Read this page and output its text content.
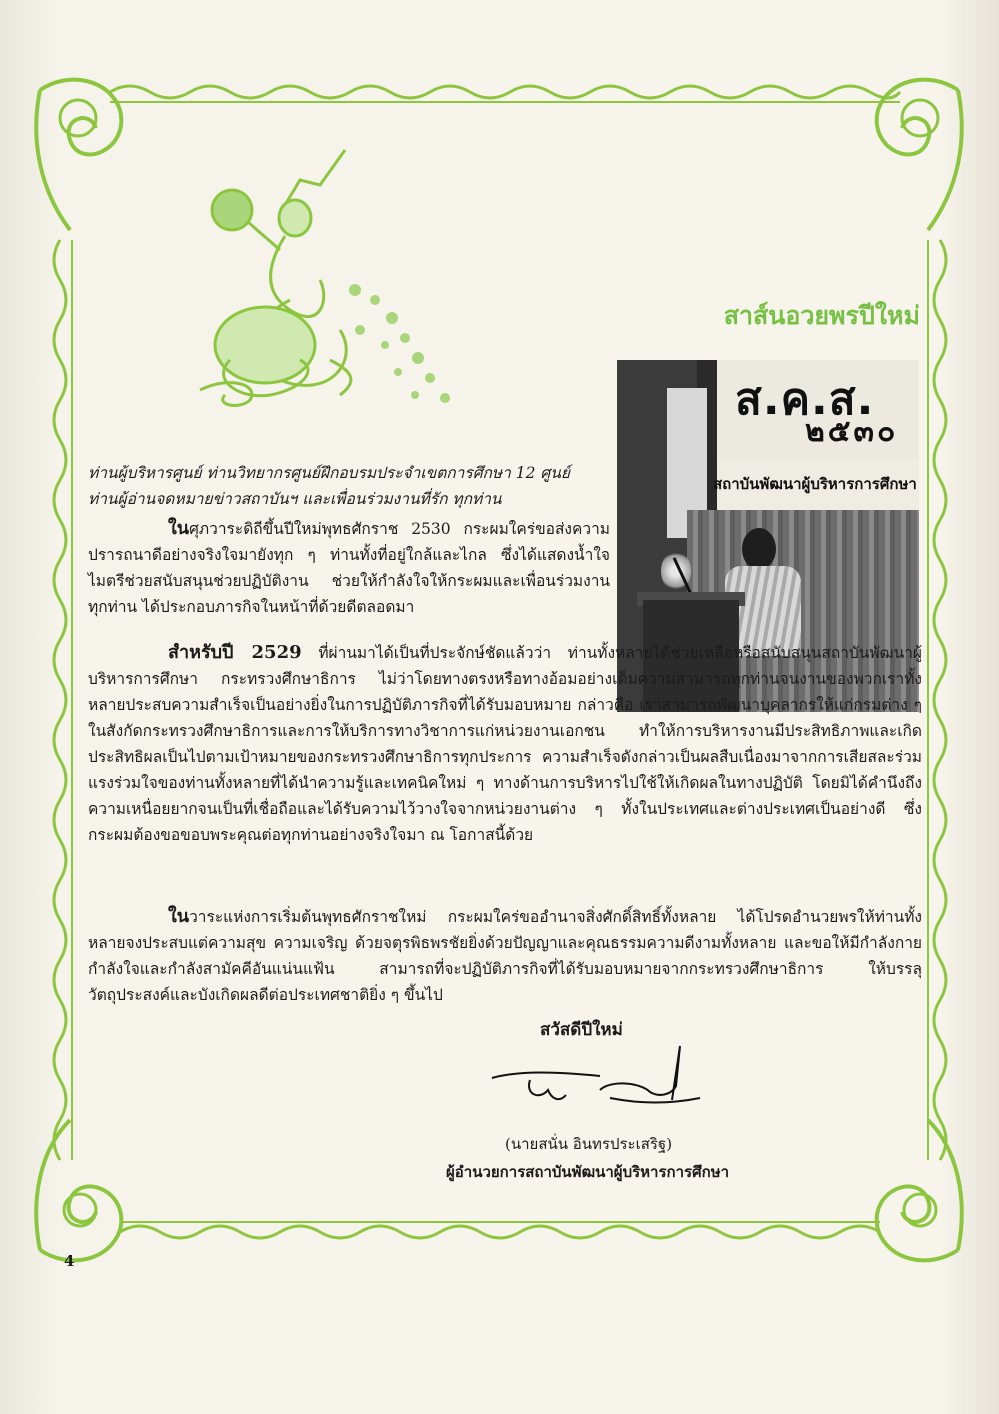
สาส์นอวยพรปีใหม่
ส.ค.ส.
๒๕๓๐
สถาบันพัฒนาผู้บริหารการศึกษา
ท่านผู้บริหารศูนย์ ท่านวิทยากรศูนย์ฝึกอบรมประจำเขตการศึกษา 12 ศูนย์
ท่านผู้อ่านจดหมายข่าวสถาบันฯ และเพื่อนร่วมงานที่รัก ทุกท่าน

ในศุภวาระดิถีขึ้นปีใหม่พุทธศักราช 2530 กระผมใคร่ขอส่งความปรารถนาดีอย่างจริงใจมายังทุก ๆ ท่านทั้งที่อยู่ใกล้และไกล ซึ่งได้แสดงน้ำใจไมตรีช่วยสนับสนุนช่วยปฏิบัติงาน ช่วยให้กำลังใจให้กระผมและเพื่อนร่วมงานทุกท่าน ได้ประกอบภารกิจในหน้าที่ด้วยดีตลอดมา

สำหรับปี 2529 ที่ผ่านมาได้เป็นที่ประจักษ์ชัดแล้วว่า ท่านทั้งหลายได้ช่วยเหลือหรือสนับสนุนสถาบันพัฒนาผู้บริหารการศึกษา กระทรวงศึกษาธิการ ไม่ว่าโดยทางตรงหรือทางอ้อมอย่างเต็มความสามารถทุกท่านจนงานของพวกเราทั้งหลายประสบความสำเร็จเป็นอย่างยิ่งในการปฏิบัติภารกิจที่ได้รับมอบหมาย กล่าวคือ เราสามารถพัฒนาบุคลากรให้แก่กรมต่าง ๆ ในสังกัดกระทรวงศึกษาธิการและการให้บริการทางวิชาการแก่หน่วยงานเอกชน ทำให้การบริหารงานมีประสิทธิภาพและเกิดประสิทธิผลเป็นไปตามเป้าหมายของกระทรวงศึกษาธิการทุกประการ ความสำเร็จดังกล่าวเป็นผลสืบเนื่องมาจากการเสียสละร่วมแรงร่วมใจของท่านทั้งหลายที่ได้นำความรู้และเทคนิคใหม่ ๆ ทางด้านการบริหารไปใช้ให้เกิดผลในทางปฏิบัติ โดยมิได้คำนึงถึงความเหนื่อยยากจนเป็นที่เชื่อถือและได้รับความไว้วางใจจากหน่วยงานต่าง ๆ ทั้งในประเทศและต่างประเทศเป็นอย่างดี ซึ่งกระผมต้องขอขอบพระคุณต่อทุกท่านอย่างจริงใจมา ณ โอกาสนี้ด้วย

ในวาระแห่งการเริ่มต้นพุทธศักราชใหม่ กระผมใคร่ขออำนาจสิ่งศักดิ์สิทธิ์ทั้งหลาย ได้โปรดอำนวยพรให้ท่านทั้งหลายจงประสบแต่ความสุข ความเจริญ ด้วยจตุรพิธพรชัยยิ่งด้วยปัญญาและคุณธรรมความดีงามทั้งหลาย และขอให้มีกำลังกาย กำลังใจและกำลังสามัคคีอันแน่นแฟ้น สามารถที่จะปฏิบัติภารกิจที่ได้รับมอบหมายจากกระทรวงศึกษาธิการ ให้บรรลุวัตถุประสงค์และบังเกิดผลดีต่อประเทศชาติยิ่ง ๆ ขึ้นไป

สวัสดีปีใหม่
(นายสนั่น อินทรประเสริฐ)
ผู้อำนวยการสถาบันพัฒนาผู้บริหารการศึกษา
4
